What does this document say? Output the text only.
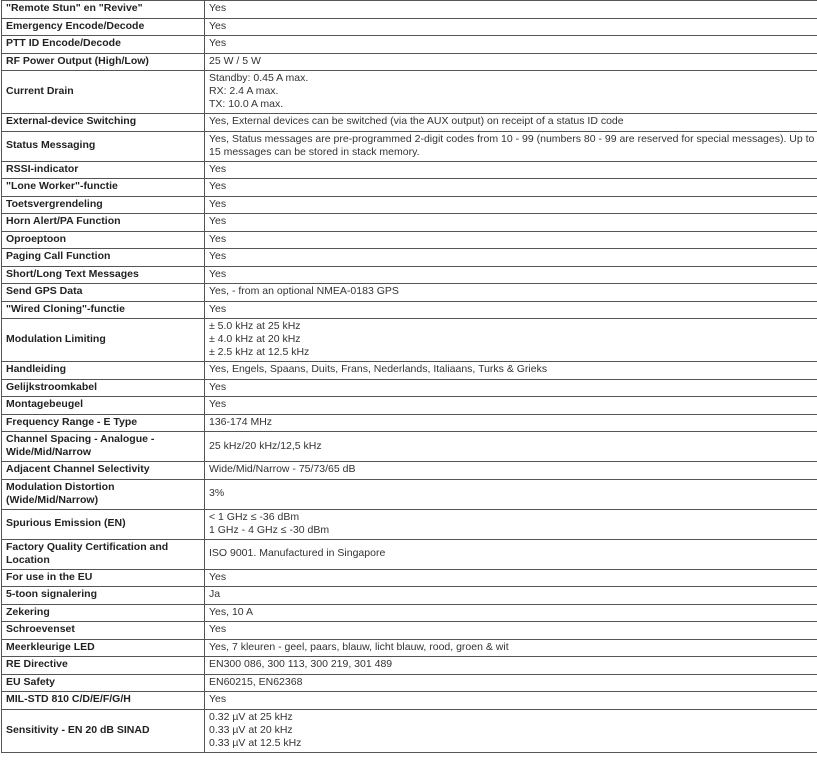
"Remote Stun" en "Revive"	Yes

Emergency Encode/Decode	Yes

PTT ID Encode/Decode	Yes

RF Power Output (High/Low)	25 W / 5 W

Current Drain	Standby: 0.45 A max.
RX: 2.4 A max.
TX: 10.0 A max.

External-device Switching	Yes, External devices can be switched (via the AUX output) on receipt of a status ID code

Status Messaging	Yes, Status messages are pre-programmed 2-digit codes from 10 - 99 (numbers 80 - 99 are reserved for special messages). Up to 15 messages can be stored in stack memory.

RSSI-indicator	Yes

"Lone Worker"-functie	Yes

Toetsvergrendeling	Yes

Horn Alert/PA Function	Yes

Oproeptoon	Yes

Paging Call Function	Yes

Short/Long Text Messages	Yes

Send GPS Data	Yes, - from an optional NMEA-0183 GPS

"Wired Cloning"-functie	Yes

Modulation Limiting	± 5.0 kHz at 25 kHz
± 4.0 kHz at 20 kHz
± 2.5 kHz at 12.5 kHz

Handleiding	Yes, Engels, Spaans, Duits, Frans, Nederlands, Italiaans, Turks & Grieks

Gelijkstroomkabel	Yes

Montagebeugel	Yes

Frequency Range - E Type	136-174 MHz

Channel Spacing - Analogue - Wide/Mid/Narrow	25 kHz/20 kHz/12,5 kHz

Adjacent Channel Selectivity	Wide/Mid/Narrow - 75/73/65 dB

Modulation Distortion (Wide/Mid/Narrow)	3%

Spurious Emission (EN)	< 1 GHz ≤ -36 dBm
1 GHz - 4 GHz ≤ -30 dBm

Factory Quality Certification and Location	ISO 9001. Manufactured in Singapore

For use in the EU	Yes

5-toon signalering	Ja

Zekering	Yes, 10 A

Schroevenset	Yes

Meerkleurige LED	Yes, 7 kleuren - geel, paars, blauw, licht blauw, rood, groen & wit

RE Directive	EN300 086, 300 113, 300 219, 301 489

EU Safety	EN60215, EN62368

MIL-STD 810 C/D/E/F/G/H	Yes

Sensitivity - EN 20 dB SINAD	0.32 µV at 25 kHz
0.33 µV at 20 kHz
0.33 µV at 12.5 kHz
